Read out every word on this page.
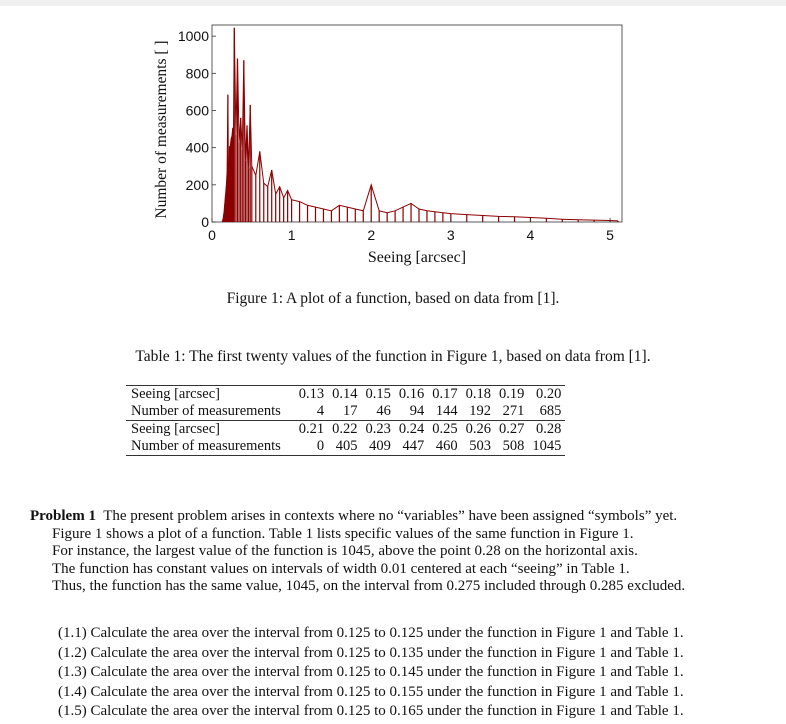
0	1	2	3	4	5
0
200
400
600
800
1000
Seeing [arcsec]
Number of measurements [ ]
Figure 1: A plot of a function, based on data from [1].
Table 1: The first twenty values of the function in Figure 1, based on data from [1].
Seeing [arcsec]	0.13	0.14	0.15	0.16	0.17	0.18	0.19	0.20
Number of measurements	4	17	46	94	144	192	271	685
Seeing [arcsec]	0.21	0.22	0.23	0.24	0.25	0.26	0.27	0.28
Number of measurements	0	405	409	447	460	503	508	1045
Problem 1 The present problem arises in contexts where no “variables” have been assigned “symbols” yet.
Figure 1 shows a plot of a function. Table 1 lists specific values of the same function in Figure 1.
For instance, the largest value of the function is 1045, above the point 0.28 on the horizontal axis.
The function has constant values on intervals of width 0.01 centered at each “seeing” in Table 1.
Thus, the function has the same value, 1045, on the interval from 0.275 included through 0.285 excluded.
(1.1) Calculate the area over the interval from 0.125 to 0.125 under the function in Figure 1 and Table 1.
(1.2) Calculate the area over the interval from 0.125 to 0.135 under the function in Figure 1 and Table 1.
(1.3) Calculate the area over the interval from 0.125 to 0.145 under the function in Figure 1 and Table 1.
(1.4) Calculate the area over the interval from 0.125 to 0.155 under the function in Figure 1 and Table 1.
(1.5) Calculate the area over the interval from 0.125 to 0.165 under the function in Figure 1 and Table 1.
